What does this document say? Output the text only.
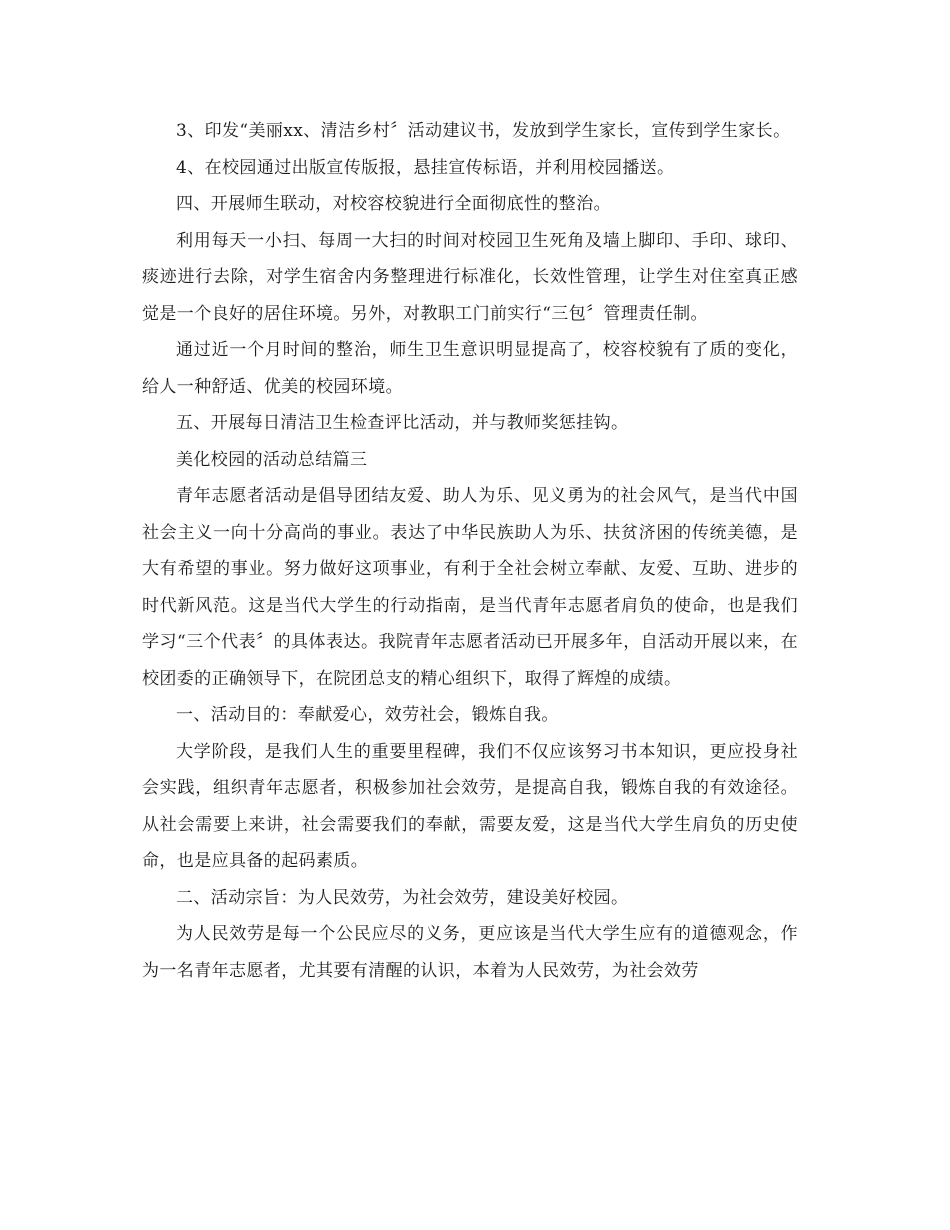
3、印发“美丽xx、清洁乡村〞活动建议书，发放到学生家长，宣传到学生家长。

4、在校园通过出版宣传版报，悬挂宣传标语，并利用校园播送。

四、开展师生联动，对校容校貌进行全面彻底性的整治。

利用每天一小扫、每周一大扫的时间对校园卫生死角及墙上脚印、手印、球印、痰迹进行去除，对学生宿舍内务整理进行标准化，长效性管理，让学生对住室真正感觉是一个良好的居住环境。另外，对教职工门前实行“三包〞管理责任制。

通过近一个月时间的整治，师生卫生意识明显提高了，校容校貌有了质的变化，给人一种舒适、优美的校园环境。

五、开展每日清洁卫生检查评比活动，并与教师奖惩挂钩。

美化校园的活动总结篇三

青年志愿者活动是倡导团结友爱、助人为乐、见义勇为的社会风气，是当代中国社会主义一向十分高尚的事业。表达了中华民族助人为乐、扶贫济困的传统美德，是大有希望的事业。努力做好这项事业，有利于全社会树立奉献、友爱、互助、进步的时代新风范。这是当代大学生的行动指南，是当代青年志愿者肩负的使命，也是我们学习“三个代表〞的具体表达。我院青年志愿者活动已开展多年，自活动开展以来，在校团委的正确领导下，在院团总支的精心组织下，取得了辉煌的成绩。

一、活动目的：奉献爱心，效劳社会，锻炼自我。

大学阶段，是我们人生的重要里程碑，我们不仅应该努习书本知识，更应投身社会实践，组织青年志愿者，积极参加社会效劳，是提高自我，锻炼自我的有效途径。从社会需要上来讲，社会需要我们的奉献，需要友爱，这是当代大学生肩负的历史使命，也是应具备的起码素质。

二、活动宗旨：为人民效劳，为社会效劳，建设美好校园。

为人民效劳是每一个公民应尽的义务，更应该是当代大学生应有的道德观念，作为一名青年志愿者，尤其要有清醒的认识，本着为人民效劳，为社会效劳
